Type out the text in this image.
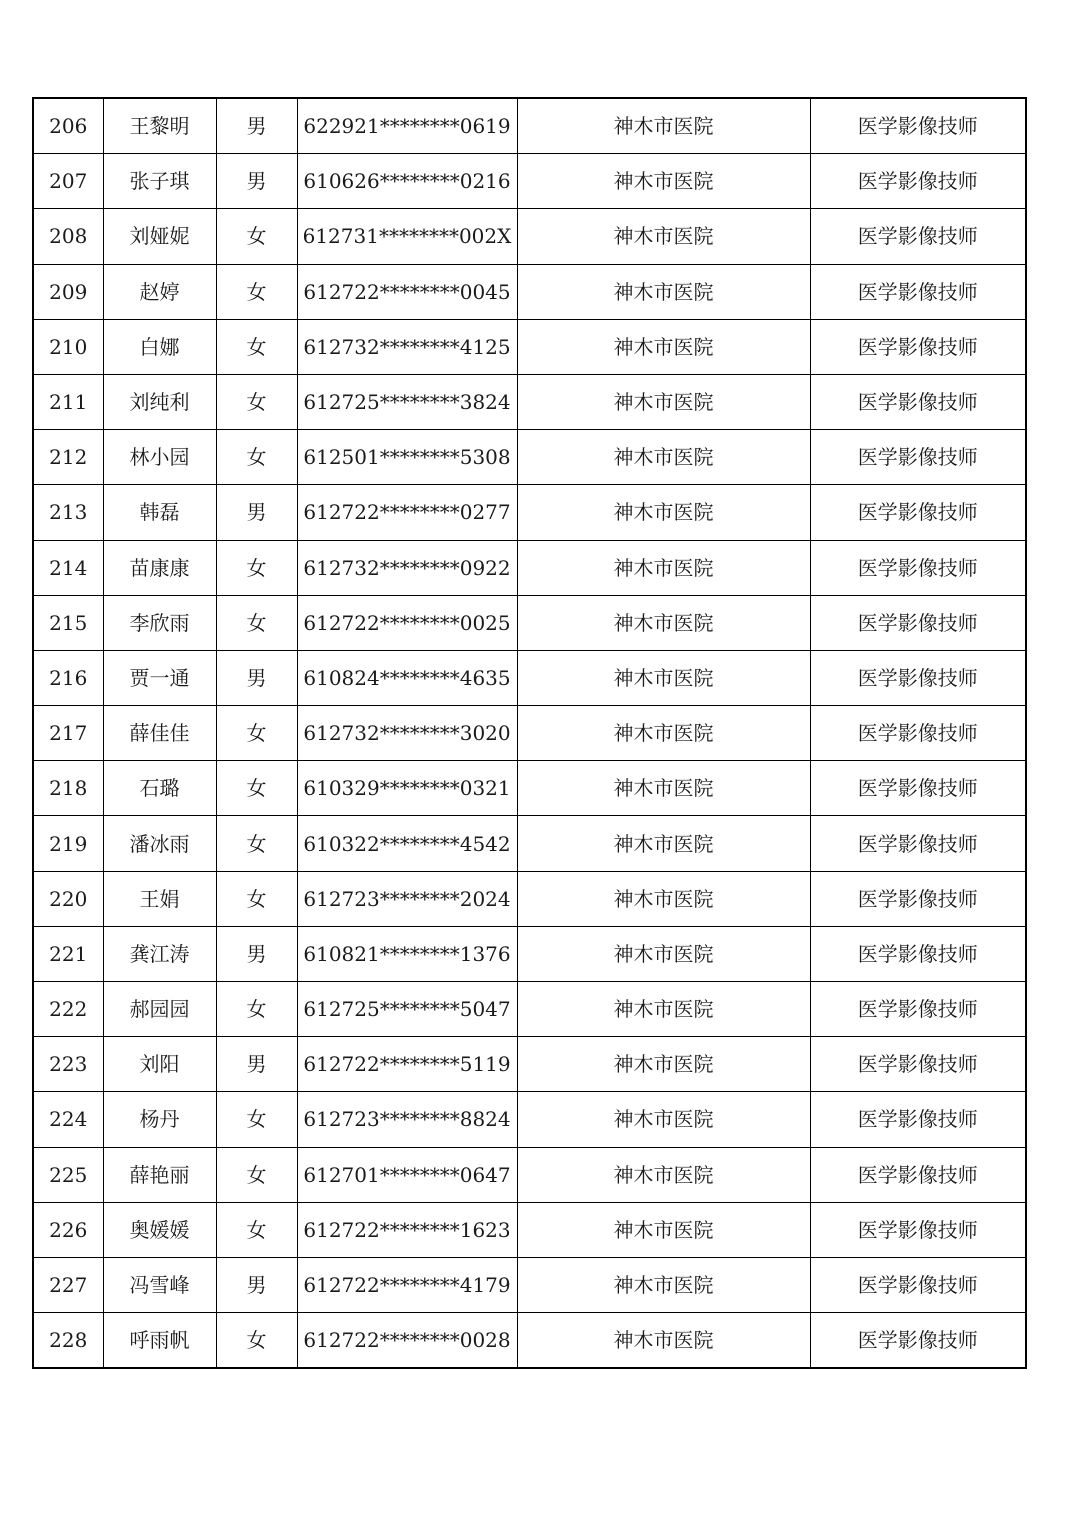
206	王黎明	男	622921********0619	神木市医院	医学影像技师
207	张子琪	男	610626********0216	神木市医院	医学影像技师
208	刘娅妮	女	612731********002X	神木市医院	医学影像技师
209	赵婷	女	612722********0045	神木市医院	医学影像技师
210	白娜	女	612732********4125	神木市医院	医学影像技师
211	刘纯利	女	612725********3824	神木市医院	医学影像技师
212	林小园	女	612501********5308	神木市医院	医学影像技师
213	韩磊	男	612722********0277	神木市医院	医学影像技师
214	苗康康	女	612732********0922	神木市医院	医学影像技师
215	李欣雨	女	612722********0025	神木市医院	医学影像技师
216	贾一通	男	610824********4635	神木市医院	医学影像技师
217	薛佳佳	女	612732********3020	神木市医院	医学影像技师
218	石璐	女	610329********0321	神木市医院	医学影像技师
219	潘冰雨	女	610322********4542	神木市医院	医学影像技师
220	王娟	女	612723********2024	神木市医院	医学影像技师
221	龚江涛	男	610821********1376	神木市医院	医学影像技师
222	郝园园	女	612725********5047	神木市医院	医学影像技师
223	刘阳	男	612722********5119	神木市医院	医学影像技师
224	杨丹	女	612723********8824	神木市医院	医学影像技师
225	薛艳丽	女	612701********0647	神木市医院	医学影像技师
226	奥媛媛	女	612722********1623	神木市医院	医学影像技师
227	冯雪峰	男	612722********4179	神木市医院	医学影像技师
228	呼雨帆	女	612722********0028	神木市医院	医学影像技师
